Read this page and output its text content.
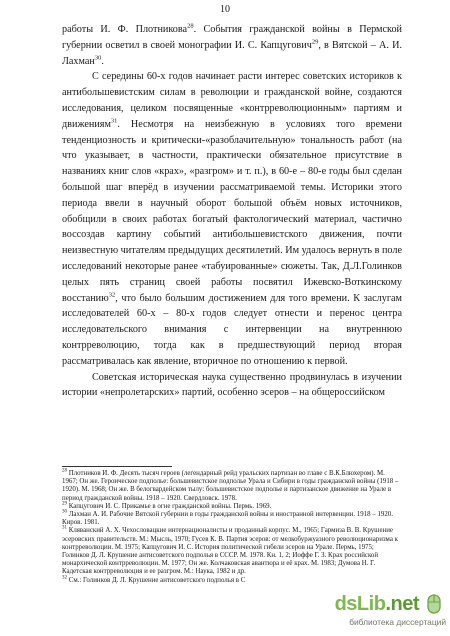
10

работы И. Ф. Плотникова$^{28}$. События гражданской войны в Пермской губернии осветил в своей монографии И. С. Капцугович$^{29}$, в Вятской – А. И. Лахман$^{30}$.

С середины 60-х годов начинает расти интерес советских историков к антибольшевистским силам в революции и гражданской войне, создаются исследования, целиком посвященные «контрреволюционным» партиям и движениям$^{31}$. Несмотря на неизбежную в условиях того времени тенденциозность и критически-«разоблачительную» тональность работ (на что указывает, в частности, практически обязательное присутствие в названиях книг слов «крах», «разгром» и т. п.), в 60-е – 80-е годы был сделан большой шаг вперёд в изучении рассматриваемой темы. Историки этого периода ввели в научный оборот большой объём новых источников, обобщили в своих работах богатый фактологический материал, частично воссоздав картину событий антибольшевистского движения, почти неизвестную читателям предыдущих десятилетий. Им удалось вернуть в поле исследований некоторые ранее «табуированные» сюжеты. Так, Д.Л.Голинков целых пять страниц своей работы посвятил Ижевско-Воткинскому восстанию$^{32}$, что было большим достижением для того времени. К заслугам исследователей 60-х – 80-х годов следует отнести и перенос центра исследовательского внимания с интервенции на внутреннюю контрреволюцию, тогда как в предшествующий период вторая рассматривалась как явление, вторичное по отношению к первой.

Советская историческая наука существенно продвинулась в изучении истории «непролетарских» партий, особенно эсеров – на общероссийском

$^{28}$ Плотников И. Ф. Десять тысяч героев (легендарный рейд уральских партизан во главе с В.К.Блюхером). М. 1967; Он же. Героическое подполье: большевистское подполье Урала и Сибири в годы гражданской войны (1918 – 1920). М. 1968; Он же. В белогвардейском тылу: большевистское подполье и партизанское движение на Урале в период гражданской войны. 1918 – 1920. Свердловск. 1978.

$^{29}$ Капцугович И. С. Прикамье в огне гражданской войны. Пермь. 1969.

$^{30}$ Лахман А. И. Рабочие Вятской губернии в годы гражданской войны и иностранной интервенции. 1918 – 1920. Киров. 1981.

$^{31}$ Кляванский А. Х. Чехословацкие интернационалисты и проданный корпус. М., 1965; Гармиза В. В. Крушение эсеровских правительств. М.: Мысль, 1970; Гусев К. В. Партия эсеров: от мелкобуржуазного революционаризма к контрреволюции. М. 1975; Капцугович И. С. История политической гибели эсеров на Урале. Пермь, 1975; Голинков Д. Л. Крушение антисоветского подполья в СССР. М. 1978. Кн. 1, 2; Иоффе Г. З. Крах российской монархической контрреволюции. М. 1977; Он же. Колчаковская авантюра и её крах. М. 1983; Думова Н. Г. Кадетская контрреволюция и ее разгром. М.: Наука, 1982 и др.

$^{32}$ См.: Голинков Д. Л. Крушение антисоветского подполья в С

dsLib.net
библиотека диссертаций
